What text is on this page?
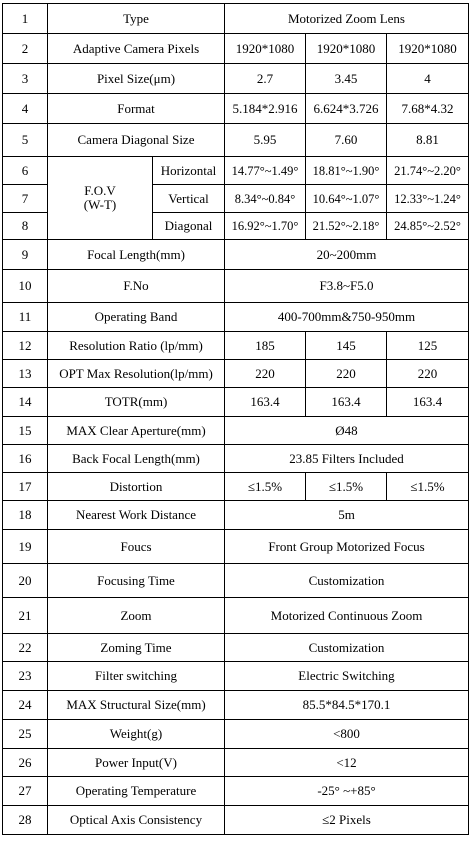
1	Type		Motorized Zoom Lens		
2	Adaptive Camera Pixels		1920*1080	1920*1080	1920*1080
3	Pixel Size(μm)		2.7	3.45	4
4	Format		5.184*2.916	6.624*3.726	7.68*4.32
5	Camera Diagonal Size		5.95	7.60	8.81
6	F.O.V
(W-T)	Horizontal	14.77°~1.49°	18.81°~1.90°	21.74°~2.20°
7		Vertical	8.34°~0.84°	10.64°~1.07°	12.33°~1.24°
8		Diagonal	16.92°~1.70°	21.52°~2.18°	24.85°~2.52°
9	Focal Length(mm)		20~200mm		
10	F.No		F3.8~F5.0		
11	Operating Band		400-700mm&750-950mm		
12	Resolution Ratio (lp/mm)		185	145	125
13	OPT Max Resolution(lp/mm)		220	220	220
14	TOTR(mm)		163.4	163.4	163.4
15	MAX Clear Aperture(mm)		Ø48		
16	Back Focal Length(mm)		23.85 Filters Included		
17	Distortion		≤1.5%	≤1.5%	≤1.5%
18	Nearest Work Distance		5m		
19	Foucs		Front Group Motorized Focus		
20	Focusing Time		Customization		
21	Zoom		Motorized Continuous Zoom		
22	Zoming Time		Customization		
23	Filter switching		Electric Switching		
24	MAX Structural Size(mm)		85.5*84.5*170.1		
25	Weight(g)		<800		
26	Power Input(V)		<12		
27	Operating Temperature		-25° ~+85°		
28	Optical Axis Consistency		≤2 Pixels		
